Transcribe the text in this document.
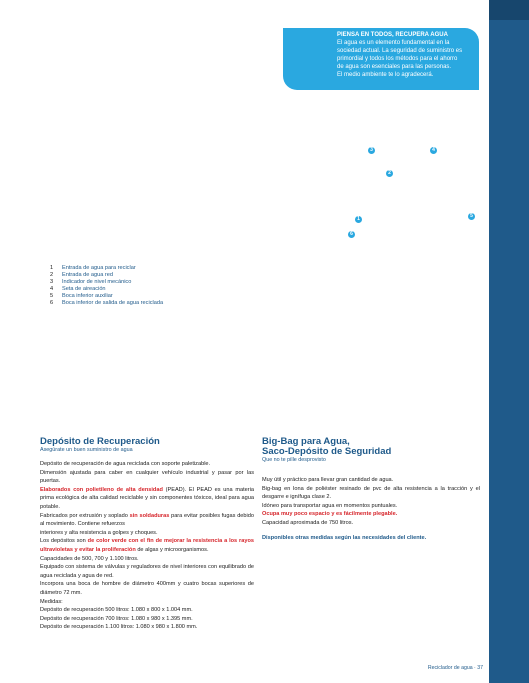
PIENSA EN TODOS, RECUPERA AGUA
El agua es un elemento fundamental en la
sociedad actual. La seguridad de suministro es
primordial y todos los métodos para el ahorro
de agua son esenciales para las personas.
El medio ambiente te lo agradecerá.
3	4
2
5
1
6
1	Entrada de agua para reciclar
2	Entrada de agua red
3	Indicador de nivel mecánico
4	Seta de aireación
5	Boca inferior auxiliar
6	Boca inferior de salida de agua reciclada
Depósito de Recuperación
Asegúrate un buen suministro de agua
Depósito de recuperación de agua reciclada con soporte paletizable.
Dimensión ajustada para caber en cualquier vehículo industrial y pasar por las puertas.
Elaborados con polietileno de alta densidad (PEAD). El PEAD es una materia prima ecológica de alta calidad reciclable y sin componentes tóxicos, ideal para agua potable.
Fabricados por extrusión y soplado sin soldaduras para evitar posibles fugas debido al movimiento. Contiene refuerzos
interiores y alta resistencia a golpes y choques.
Los depósitos son de color verde con el fin de mejorar la resistencia a los rayos ultravioletas y evitar la proliferación de algas y microorganismos.
Capacidades de 500, 700 y 1.100 litros.
Equipado con sistema de válvulas y reguladores de nivel interiores con equilibrado de agua reciclada y agua de red.
Incorpora una boca de hombre de diámetro 400mm y cuatro bocas superiores de diámetro 72 mm.
Medidas:
Depósito de recuperación 500 litros: 1.080 x 800 x 1.004 mm.
Depósito de recuperación 700 litros: 1.080 x 980 x 1.395 mm.
Depósito de recuperación 1.100 litros: 1.080 x 980 x 1.800 mm.
Big-Bag para Agua,
Saco-Depósito de Seguridad
Que no te pille desprovisto
Muy útil y práctico para llevar gran cantidad de agua.
Big-bag en lona de poliéster resinado de pvc de alta resistencia a la tracción y el desgarre e ignífuga clase 2.
Idóneo para transportar agua en momentos puntuales.
Ocupa muy poco espacio y es fácilmente plegable.
Capacidad aproximada de 750 litros.
Disponibles otras medidas según las necesidades del cliente.
Reciclador de agua · 37
